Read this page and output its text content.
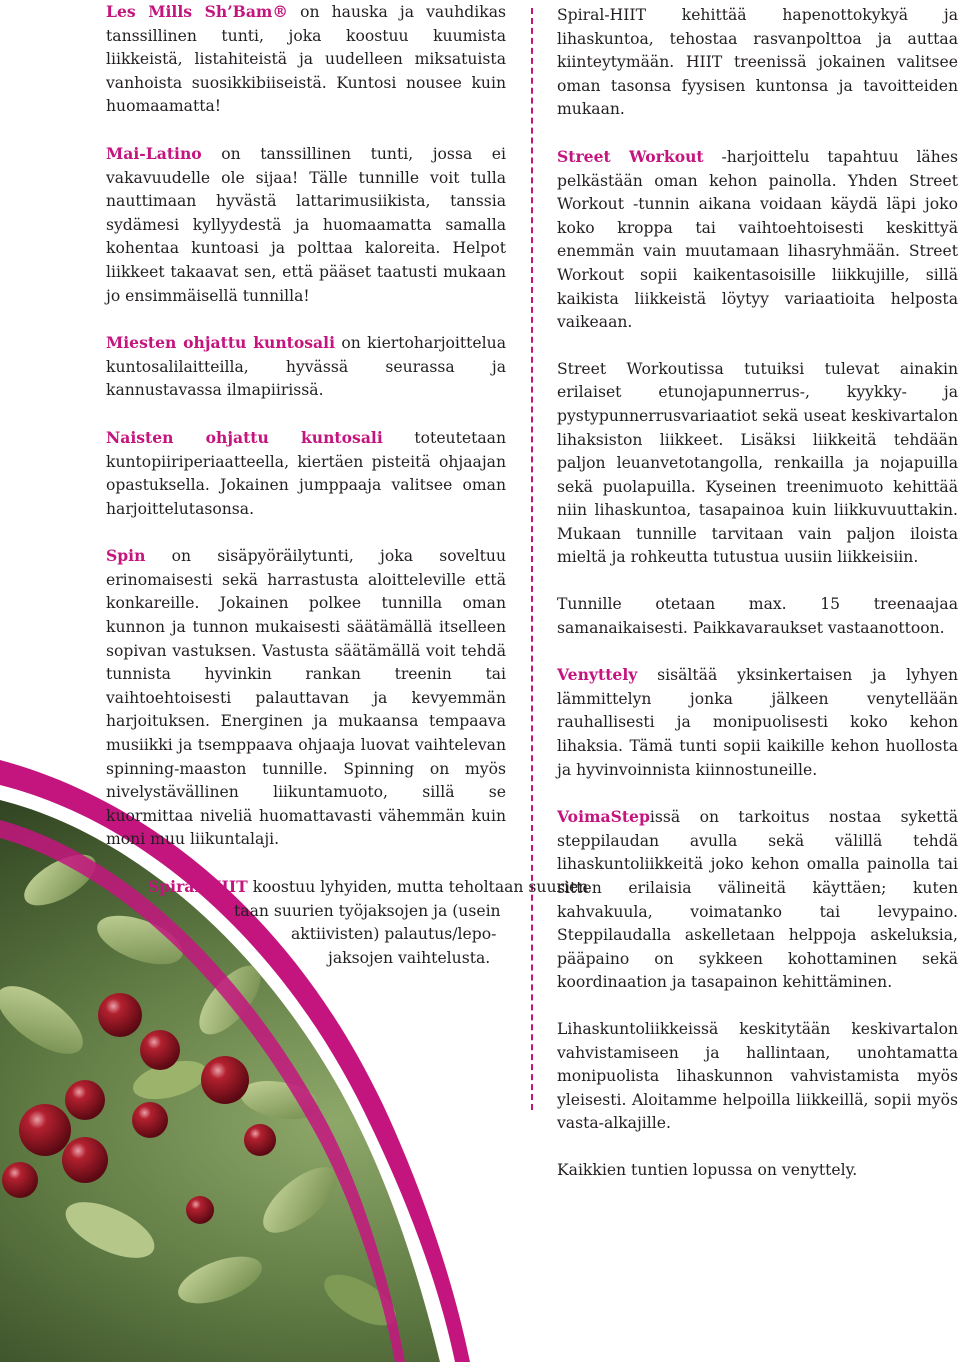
Les Mills Sh’Bam® on hauska ja vauhdikas tanssillinen tunti, joka koostuu kuumista liikkeistä, listahiteistä ja uudelleen miksatuista vanhoista suosikkibiiseistä. Kuntosi nousee kuin huomaamatta!

Mai-Latino on tanssillinen tunti, jossa ei vakavuudelle ole sijaa! Tälle tunnille voit tulla nauttimaan hyvästä lattarimusiikista, tanssia sydämesi kyllyydestä ja huomaamatta samalla kohentaa kuntoasi ja polttaa kaloreita. Helpot liikkeet takaavat sen, että pääset taatusti mukaan jo ensimmäisellä tunnilla!

Miesten ohjattu kuntosali on kiertoharjoittelua kuntosalilaitteilla, hyvässä seurassa ja kannustavassa ilmapiirissä.

Naisten ohjattu kuntosali toteutetaan kuntopiiriperiaatteella, kiertäen pisteitä ohjaajan opastuksella. Jokainen jumppaaja valitsee oman harjoittelutasonsa.

Spin on sisäpyöräilytunti, joka soveltuu erinomaisesti sekä harrastusta aloitteleville että konkareille. Jokainen polkee tunnilla oman kunnon ja tunnon mukaisesti säätämällä itselleen sopivan vastuksen. Vastusta säätämällä voit tehdä tunnista hyvinkin rankan treenin tai vaihtoehtoisesti palauttavan ja kevyemmän harjoituksen. Energinen ja mukaansa tempaava musiikki ja tsemppaava ohjaaja luovat vaihtelevan spinning-maaston tunnille. Spinning on myös nivelystävällinen liikuntamuoto, sillä se kuormittaa niveliä huomattavasti vähemmän kuin moni muu liikuntalaji.

Spiral-HIIT koostuu lyhyiden, mutta teholtaan suurien
taan suurien työjaksojen ja (usein
aktiivisten) palautus/lepo-
jaksojen vaihtelusta.

Spiral-HIIT kehittää hapenottokykyä ja lihaskuntoa, tehostaa rasvanpolttoa ja auttaa kiinteytymään. HIIT treenissä jokainen valitsee oman tasonsa fyysisen kuntonsa ja tavoitteiden mukaan.

Street Workout -harjoittelu tapahtuu lähes pelkästään oman kehon painolla. Yhden Street Workout -tunnin aikana voidaan käydä läpi joko koko kroppa tai vaihtoehtoisesti keskittyä enemmän vain muutamaan lihasryhmään. Street Workout sopii kaikentasoisille liikkujille, sillä kaikista liikkeistä löytyy variaatioita helposta vaikeaan.

Street Workoutissa tutuiksi tulevat ainakin erilaiset etunojapunnerrus-, kyykky- ja pystypunnerrusvariaatiot sekä useat keskivartalon lihaksiston liikkeet. Lisäksi liikkeitä tehdään paljon leuanvetotangolla, renkailla ja nojapuilla sekä puolapuilla. Kyseinen treenimuoto kehittää niin lihaskuntoa, tasapainoa kuin liikkuvuuttakin. Mukaan tunnille tarvitaan vain paljon iloista mieltä ja rohkeutta tutustua uusiin liikkeisiin.

Tunnille otetaan max. 15 treenaajaa samanaikaisesti. Paikkavaraukset vastaanottoon.

Venyttely sisältää yksinkertaisen ja lyhyen lämmittelyn jonka jälkeen venytellään rauhallisesti ja monipuolisesti koko kehon lihaksia. Tämä tunti sopii kaikille kehon huollosta ja hyvinvoinnista kiinnostuneille.

VoimaStepissä on tarkoitus nostaa sykettä steppilaudan avulla sekä välillä tehdä lihaskuntoliikkeitä joko kehon omalla painolla tai sitten erilaisia välineitä käyttäen; kuten kahvakuula, voimatanko tai levypaino. Steppilaudalla askelletaan helppoja askeluksia, pääpaino on sykkeen kohottaminen sekä koordinaation ja tasapainon kehittäminen.

Lihaskuntoliikkeissä keskitytään keskivartalon vahvistamiseen ja hallintaan, unohtamatta monipuolista lihaskunnon vahvistamista myös yleisesti. Aloitamme helpoilla liikkeillä, sopii myös vasta-alkajille.

Kaikkien tuntien lopussa on venyttely.
